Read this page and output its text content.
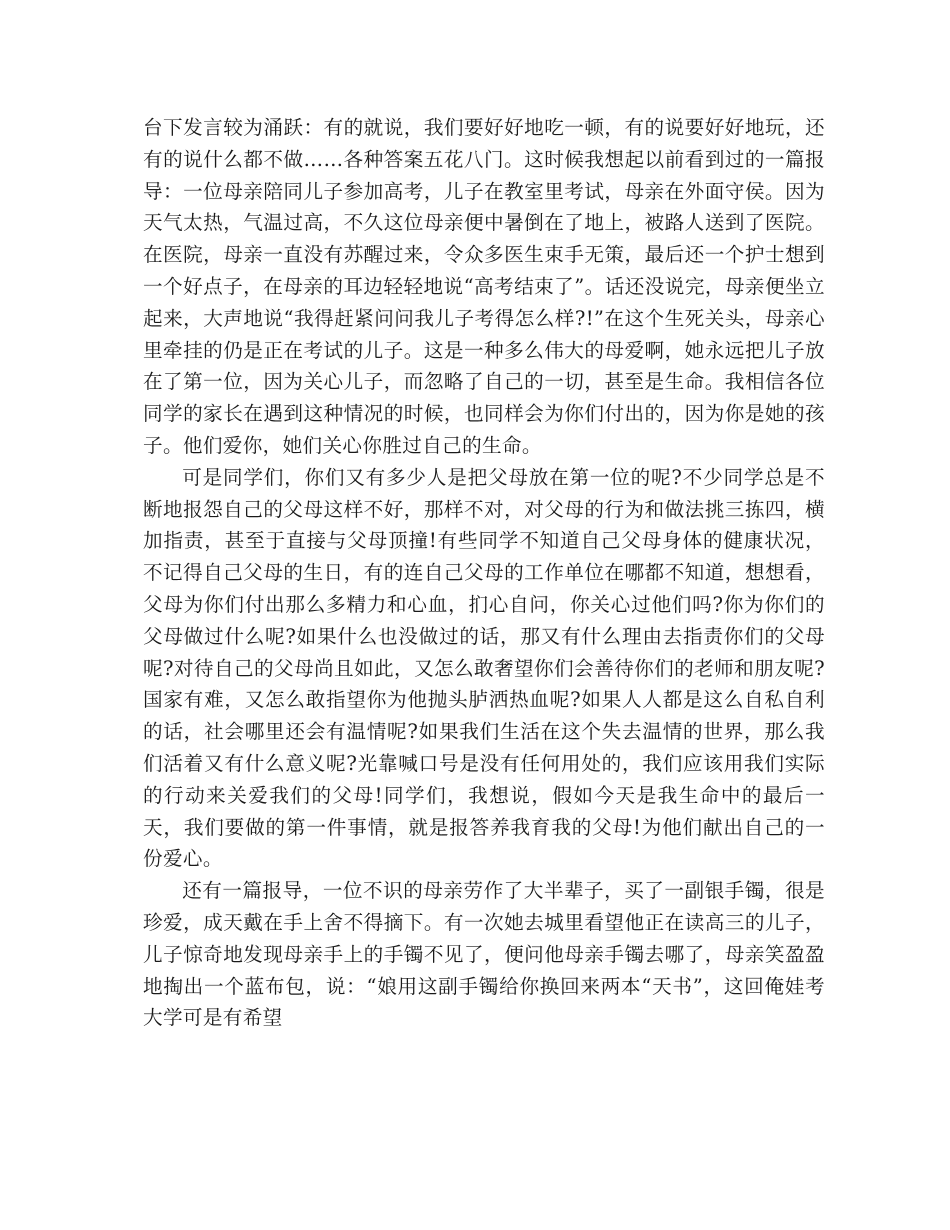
台下发言较为涌跃：有的就说，我们要好好地吃一顿，有的说要好好地玩，还有的说什么都不做……各种答案五花八门。这时候我想起以前看到过的一篇报导：一位母亲陪同儿子参加高考，儿子在教室里考试，母亲在外面守侯。因为天气太热，气温过高，不久这位母亲便中暑倒在了地上，被路人送到了医院。在医院，母亲一直没有苏醒过来，令众多医生束手无策，最后还一个护士想到一个好点子，在母亲的耳边轻轻地说“高考结束了”。话还没说完，母亲便坐立起来，大声地说“我得赶紧问问我儿子考得怎么样?!”在这个生死关头，母亲心里牵挂的仍是正在考试的儿子。这是一种多么伟大的母爱啊，她永远把儿子放在了第一位，因为关心儿子，而忽略了自己的一切，甚至是生命。我相信各位同学的家长在遇到这种情况的时候，也同样会为你们付出的，因为你是她的孩子。他们爱你，她们关心你胜过自己的生命。

可是同学们，你们又有多少人是把父母放在第一位的呢?不少同学总是不断地报怨自己的父母这样不好，那样不对，对父母的行为和做法挑三拣四，横加指责，甚至于直接与父母顶撞!有些同学不知道自己父母身体的健康状况，不记得自己父母的生日，有的连自己父母的工作单位在哪都不知道，想想看，父母为你们付出那么多精力和心血，扪心自问，你关心过他们吗?你为你们的父母做过什么呢?如果什么也没做过的话，那又有什么理由去指责你们的父母呢?对待自己的父母尚且如此，又怎么敢奢望你们会善待你们的老师和朋友呢?国家有难，又怎么敢指望你为他抛头胪洒热血呢?如果人人都是这么自私自利的话，社会哪里还会有温情呢?如果我们生活在这个失去温情的世界，那么我们活着又有什么意义呢?光靠喊口号是没有任何用处的，我们应该用我们实际的行动来关爱我们的父母!同学们，我想说，假如今天是我生命中的最后一天，我们要做的第一件事情，就是报答养我育我的父母!为他们献出自己的一份爱心。

还有一篇报导，一位不识的母亲劳作了大半辈子，买了一副银手镯，很是珍爱，成天戴在手上舍不得摘下。有一次她去城里看望他正在读高三的儿子，儿子惊奇地发现母亲手上的手镯不见了，便问他母亲手镯去哪了，母亲笑盈盈地掏出一个蓝布包，说：“娘用这副手镯给你换回来两本“天书”，这回俺娃考大学可是有希望
